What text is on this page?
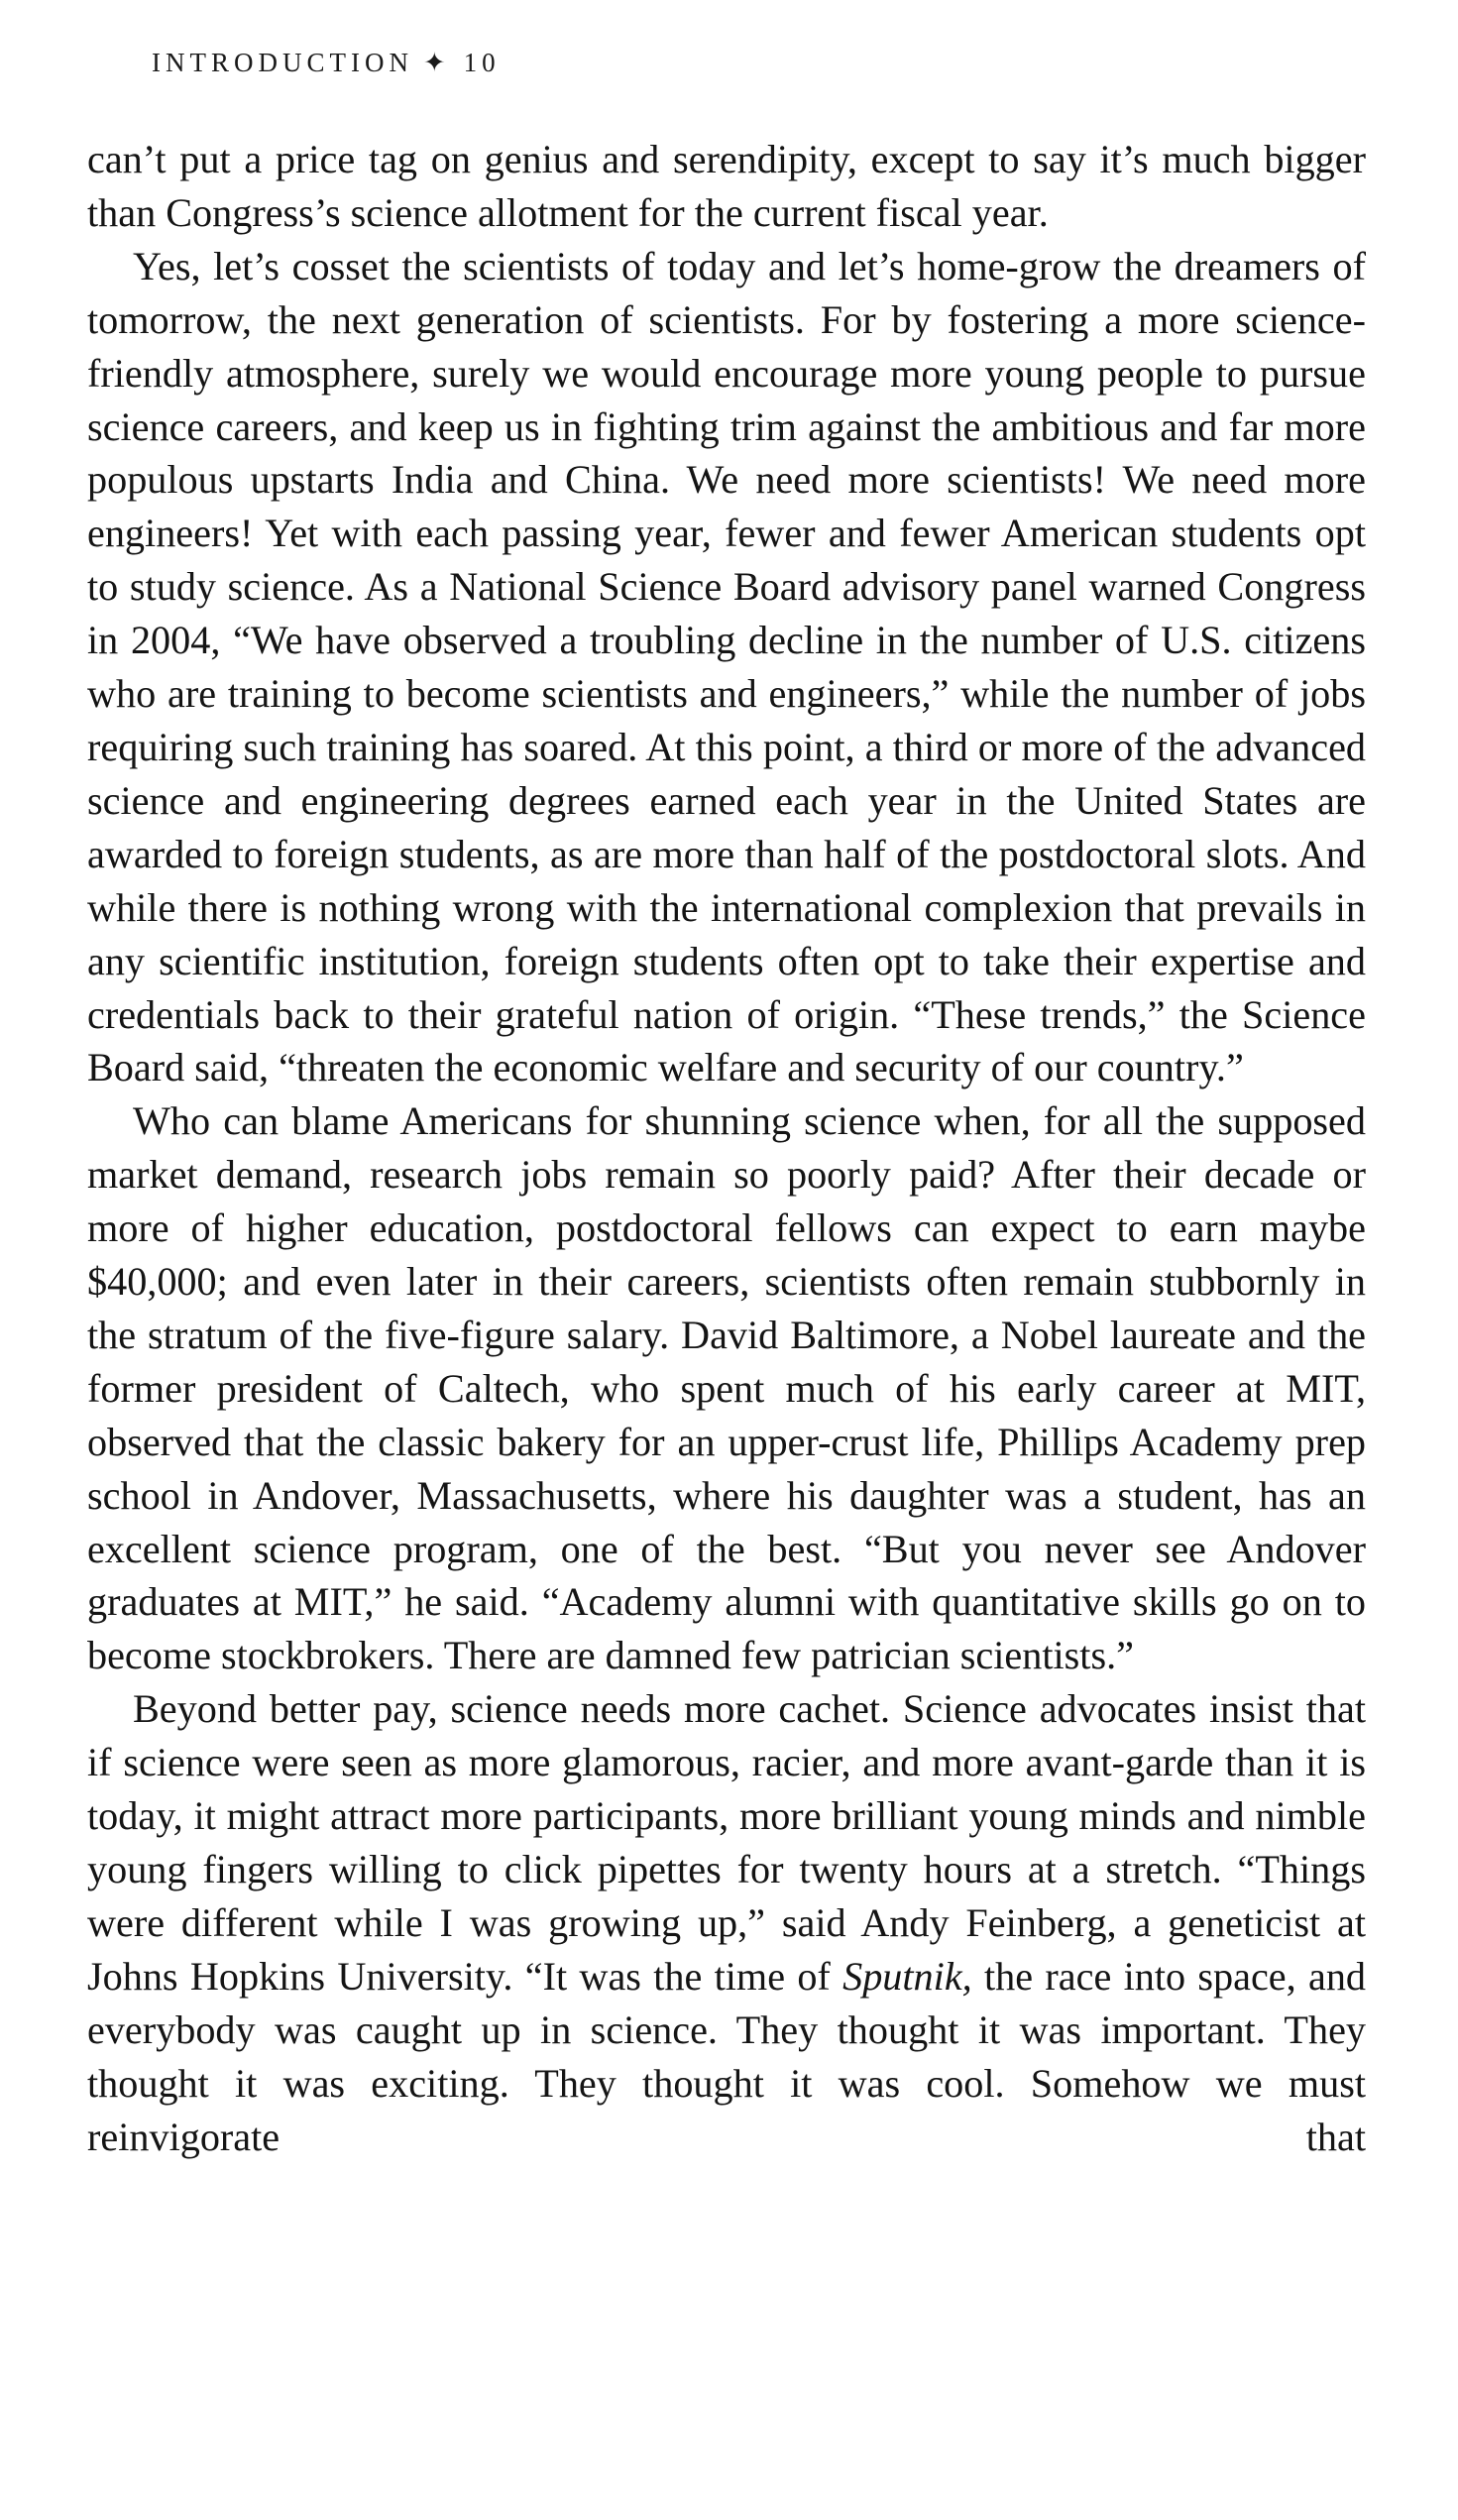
INTRODUCTION ✦ 10

can’t put a price tag on genius and serendipity, except to say it’s much bigger than Congress’s science allotment for the current fiscal year.

Yes, let’s cosset the scientists of today and let’s home-grow the dreamers of tomorrow, the next generation of scientists. For by fostering a more science-friendly atmosphere, surely we would encourage more young people to pursue science careers, and keep us in fighting trim against the ambitious and far more populous upstarts India and China. We need more scientists! We need more engineers! Yet with each passing year, fewer and fewer American students opt to study science. As a National Science Board advisory panel warned Congress in 2004, “We have observed a troubling decline in the number of U.S. citizens who are training to become scientists and engineers,” while the number of jobs requiring such training has soared. At this point, a third or more of the advanced science and engineering degrees earned each year in the United States are awarded to foreign students, as are more than half of the postdoctoral slots. And while there is nothing wrong with the international complexion that prevails in any scientific institution, foreign students often opt to take their expertise and credentials back to their grateful nation of origin. “These trends,” the Science Board said, “threaten the economic welfare and security of our country.”

Who can blame Americans for shunning science when, for all the supposed market demand, research jobs remain so poorly paid? After their decade or more of higher education, postdoctoral fellows can expect to earn maybe $40,000; and even later in their careers, scientists often remain stubbornly in the stratum of the five-figure salary. David Baltimore, a Nobel laureate and the former president of Caltech, who spent much of his early career at MIT, observed that the classic bakery for an upper-crust life, Phillips Academy prep school in Andover, Massachusetts, where his daughter was a student, has an excellent science program, one of the best. “But you never see Andover graduates at MIT,” he said. “Academy alumni with quantitative skills go on to become stockbrokers. There are damned few patrician scientists.”

Beyond better pay, science needs more cachet. Science advocates insist that if science were seen as more glamorous, racier, and more avant-garde than it is today, it might attract more participants, more brilliant young minds and nimble young fingers willing to click pipettes for twenty hours at a stretch. “Things were different while I was growing up,” said Andy Feinberg, a geneticist at Johns Hopkins University. “It was the time of Sputnik, the race into space, and everybody was caught up in science. They thought it was important. They thought it was exciting. They thought it was cool. Somehow we must reinvigorate that
